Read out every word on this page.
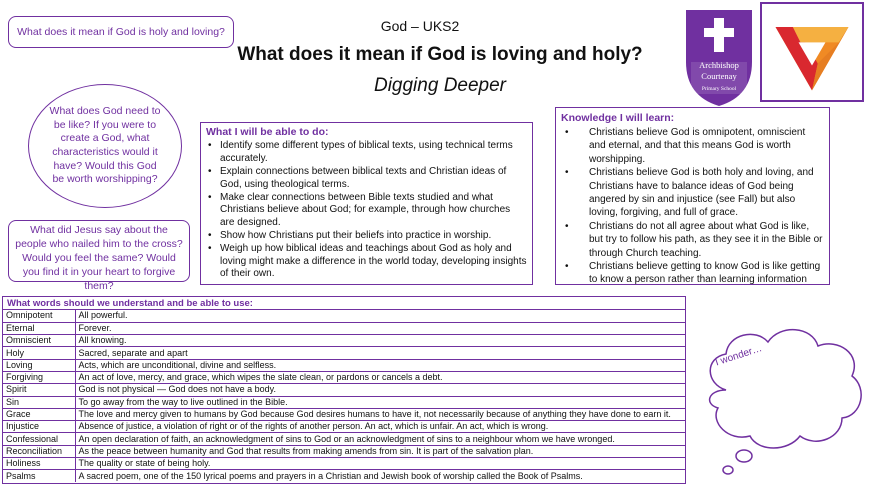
What does it mean if God is holy and loving?	God – UKS2
What does it mean if God is loving and holy?
Digging Deeper
Archbishop
Courtenay
Primary School
What does God need to be like? If you were to create a God, what characteristics would it have? Would this God be worth worshipping?
What did Jesus say about the people who nailed him to the cross? Would you feel the same? Would you find it in your heart to forgive them?
What I will be able to do:
• Identify some different types of biblical texts, using technical terms accurately.
• Explain connections between biblical texts and Christian ideas of God, using theological terms.
• Make clear connections between Bible texts studied and what Christians believe about God; for example, through how churches are designed.
• Show how Christians put their beliefs into practice in worship.
• Weigh up how biblical ideas and teachings about God as holy and loving might make a difference in the world today, developing insights of their own.
Knowledge I will learn:
• Christians believe God is omnipotent, omniscient and eternal, and that this means God is worth worshipping.
• Christians believe God is both holy and loving, and Christians have to balance ideas of God being angered by sin and injustice (see Fall) but also loving, forgiving, and full of grace.
• Christians do not all agree about what God is like, but try to follow his path, as they see it in the Bible or through Church teaching.
• Christians believe getting to know God is like getting to know a person rather than learning information
What words should we understand and be able to use:
Omnipotent	All powerful.
Eternal	Forever.
Omniscient	All knowing.
Holy	Sacred, separate and apart
Loving	Acts, which are unconditional, divine and selfless.
Forgiving	An act of love, mercy, and grace, which wipes the slate clean, or pardons or cancels a debt.
Spirit	God is not physical — God does not have a body.
Sin	To go away from the way to live outlined in the Bible.
Grace	The love and mercy given to humans by God because God desires humans to have it, not necessarily because of anything they have done to earn it.
Injustice	Absence of justice, a violation of right or of the rights of another person. An act, which is unfair. An act, which is wrong.
Confessional	An open declaration of faith, an acknowledgment of sins to God or an acknowledgment of sins to a neighbour whom we have wronged.
Reconciliation	As the peace between humanity and God that results from making amends from sin. It is part of the salvation plan.
Holiness	The quality or state of being holy.
Psalms	A sacred poem, one of the 150 lyrical poems and prayers in a Christian and Jewish book of worship called the Book of Psalms.
I wonder…
